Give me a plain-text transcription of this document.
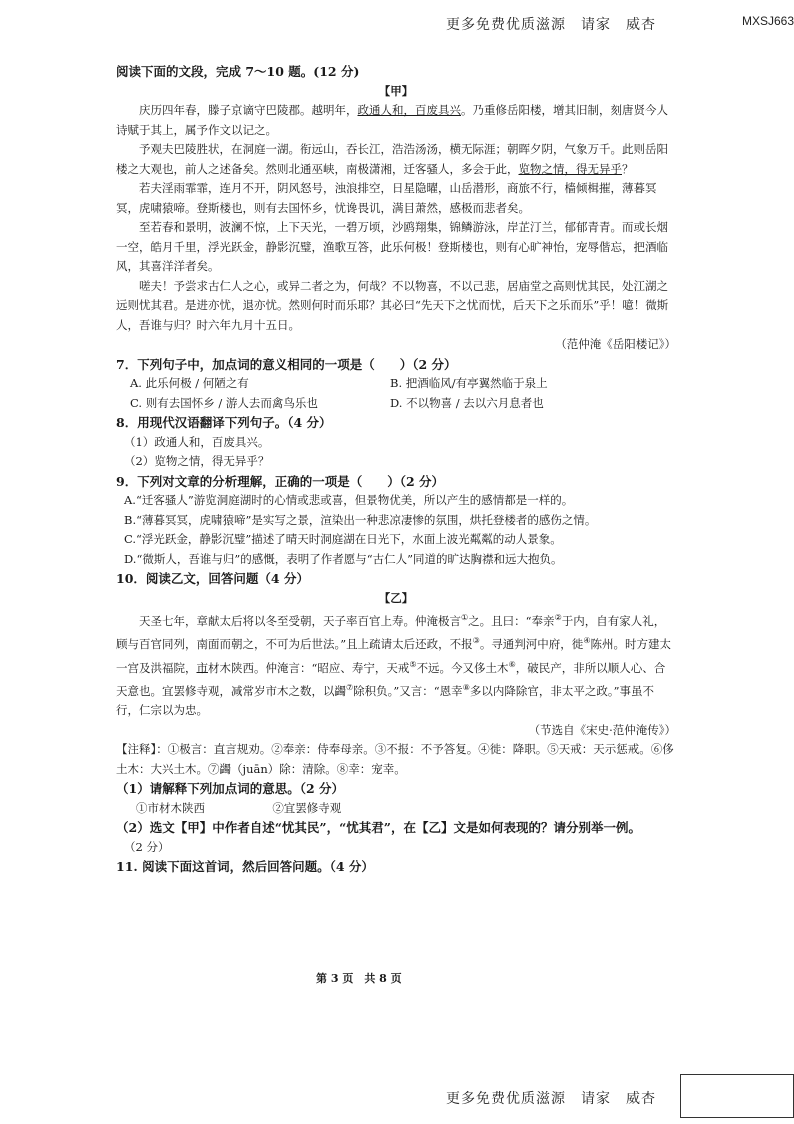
更多免费优质滋源　请家　威杏	MXSJ663
阅读下面的文段，完成 7～10 题。(12 分)
【甲】

庆历四年春，滕子京谪守巴陵郡。越明年，政通人和，百废具兴。乃重修岳阳楼，增其旧制，刻唐贤今人诗赋于其上，属予作文以记之。

予观夫巴陵胜状，在洞庭一湖。衔远山，吞长江，浩浩汤汤，横无际涯；朝晖夕阴，气象万千。此则岳阳楼之大观也，前人之述备矣。然则北通巫峡，南极潇湘，迁客骚人，多会于此，览物之情，得无异乎？

若夫淫雨霏霏，连月不开，阴风怒号，浊浪排空，日星隐曜，山岳潜形，商旅不行，樯倾楫摧，薄暮冥冥，虎啸猿啼。登斯楼也，则有去国怀乡，忧谗畏讥，满目萧然，感极而悲者矣。

至若春和景明，波澜不惊，上下天光，一碧万顷，沙鸥翔集，锦鳞游泳，岸芷汀兰，郁郁青青。而或长烟一空，皓月千里，浮光跃金，静影沉璧，渔歌互答，此乐何极！登斯楼也，则有心旷神怡，宠辱偕忘，把酒临风，其喜洋洋者矣。

嗟夫！予尝求古仁人之心，或异二者之为，何哉？不以物喜，不以己悲，居庙堂之高则忧其民，处江湖之远则忧其君。是进亦忧，退亦忧。然则何时而乐耶？其必曰“先天下之忧而忧，后天下之乐而乐”乎！噫！微斯人，吾谁与归？时六年九月十五日。

（范仲淹《岳阳楼记》）
7．下列句子中，加点词的意义相同的一项是（　　）（2 分）
A. 此乐何极 / 何陋之有	B. 把酒临风/有亭翼然临于泉上
C. 则有去国怀乡 / 游人去而禽鸟乐也	D. 不以物喜 / 去以六月息者也
8．用现代汉语翻译下列句子。（4 分）
（1）政通人和，百废具兴。
（2）览物之情，得无异乎？
9．下列对文章的分析理解，正确的一项是（　　）（2 分）
A.“迁客骚人”游览洞庭湖时的心情或悲或喜，但景物优美，所以产生的感情都是一样的。
B.“薄暮冥冥，虎啸猿啼”是实写之景，渲染出一种悲凉凄惨的氛围，烘托登楼者的感伤之情。
C.“浮光跃金，静影沉璧”描述了晴天时洞庭湖在日光下，水面上波光粼粼的动人景象。
D.“微斯人，吾谁与归”的感慨，表明了作者愿与“古仁人”同道的旷达胸襟和远大抱负。
10．阅读乙文，回答问题（4 分）
【乙】

天圣七年，章献太后将以冬至受朝，天子率百官上寿。仲淹极言①之。且曰：“奉亲②于内，自有家人礼，顾与百官同列，南面而朝之，不可为后世法。”且上疏请太后还政，不报③。寻通判河中府，徙④陈州。时方建太一宫及洪福院，市材木陕西。仲淹言：“昭应、寿宁，天戒⑤不远。今又侈土木⑥，破民产，非所以顺人心、合天意也。宜罢修寺观，减常岁市木之数，以蠲⑦除积负。”又言：“恩幸⑧多以内降除官，非太平之政。”事虽不行，仁宗以为忠。

（节选自《宋史·范仲淹传》）
【注释】：①极言：直言规劝。②奉亲：侍奉母亲。③不报：不予答复。④徙：降职。⑤天戒：天示惩戒。⑥侈土木：大兴土木。⑦蠲（juān）除：清除。⑧幸：宠幸。
（1）请解释下列加点词的意思。（2 分）
①市材木陕西	②宜罢修寺观
（2）选文【甲】中作者自述“忧其民”，“忧其君”，在【乙】文是如何表现的？请分别举一例。
（2 分）
11. 阅读下面这首词，然后回答问题。（4 分）
第 3 页　共 8 页
更多免费优质滋源　请家　威杏
